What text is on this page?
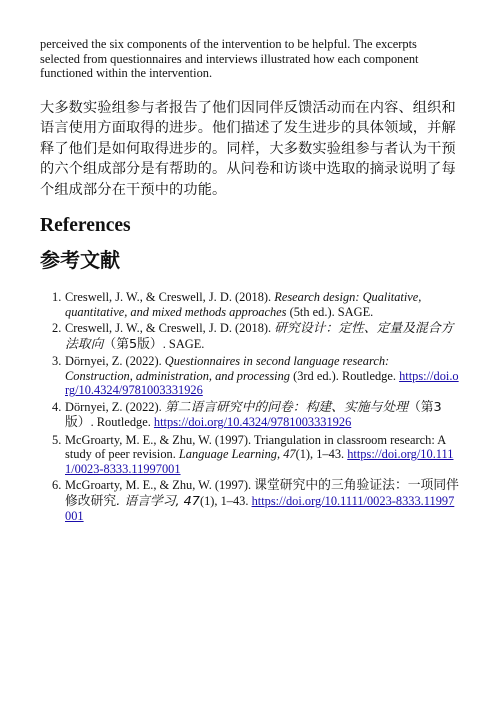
perceived the six components of the intervention to be helpful. The excerpts selected from questionnaires and interviews illustrated how each component functioned within the intervention.

大多数实验组参与者报告了他们因同伴反馈活动而在内容、组织和语言使用方面取得的进步。他们描述了发生进步的具体领域，并解释了他们是如何取得进步的。同样，大多数实验组参与者认为干预的六个组成部分是有帮助的。从问卷和访谈中选取的摘录说明了每个组成部分在干预中的功能。

References
参考文献
1. Creswell, J. W., & Creswell, J. D. (2018). Research design: Qualitative, quantitative, and mixed methods approaches (5th ed.). SAGE.
2. Creswell, J. W., & Creswell, J. D. (2018). 研究设计：定性、定量及混合方法取向（第5版）. SAGE.
3. Dörnyei, Z. (2022). Questionnaires in second language research: Construction, administration, and processing (3rd ed.). Routledge. https://doi.org/10.4324/9781003331926
4. Dörnyei, Z. (2022). 第二语言研究中的问卷：构建、实施与处理（第3版）. Routledge. https://doi.org/10.4324/9781003331926
5. McGroarty, M. E., & Zhu, W. (1997). Triangulation in classroom research: A study of peer revision. Language Learning, 47(1), 1–43. https://doi.org/10.1111/0023-8333.11997001
6. McGroarty, M. E., & Zhu, W. (1997). 课堂研究中的三角验证法：一项同伴修改研究. 语言学习, 47(1), 1–43. https://doi.org/10.1111/0023-8333.11997001
